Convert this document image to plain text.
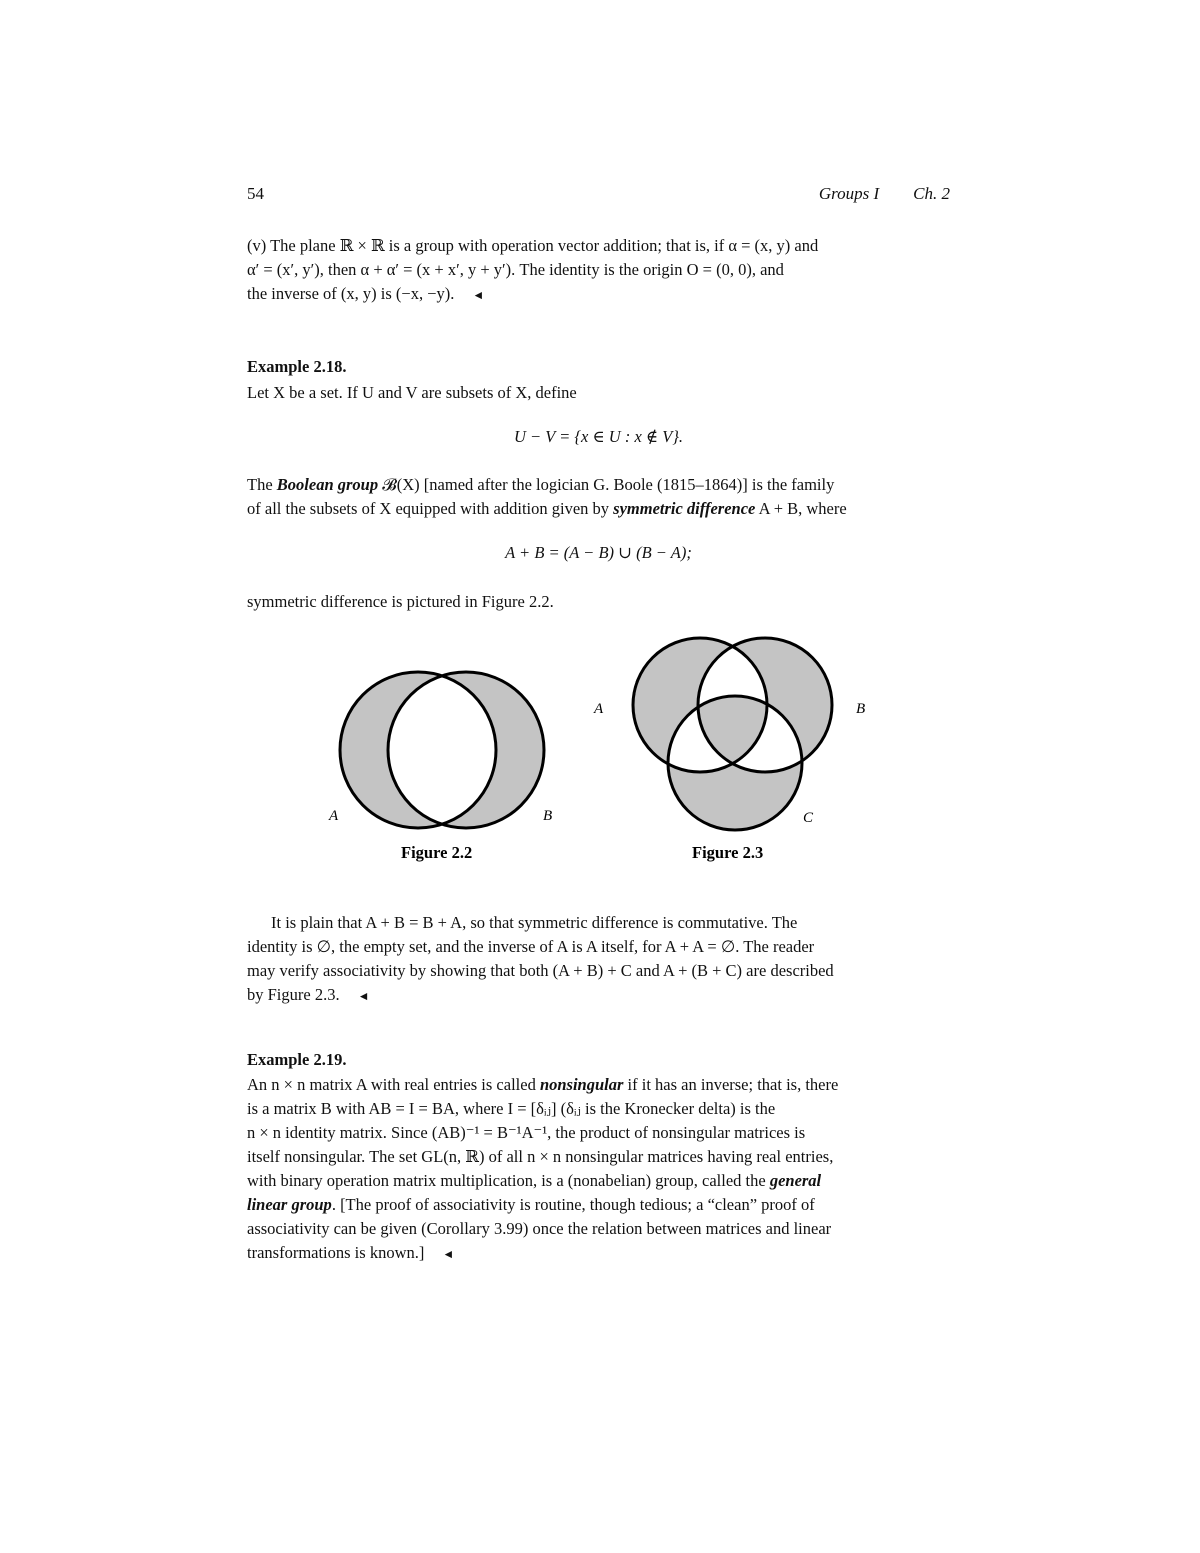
54	Groups I Ch. 2
(v) The plane ℝ × ℝ is a group with operation vector addition; that is, if α = (x, y) and
α′ = (x′, y′), then α + α′ = (x + x′, y + y′). The identity is the origin O = (0, 0), and
the inverse of (x, y) is (−x, −y). ◄
Example 2.18.
Let X be a set. If U and V are subsets of X, define
U − V = {x ∈ U : x ∉ V}.
The Boolean group 𝓑(X) [named after the logician G. Boole (1815–1864)] is the family
of all the subsets of X equipped with addition given by symmetric difference A + B, where
A + B = (A − B) ∪ (B − A);
symmetric difference is pictured in Figure 2.2.
A	B
Figure 2.2
A	B
C
Figure 2.3
It is plain that A + B = B + A, so that symmetric difference is commutative. The
identity is ∅, the empty set, and the inverse of A is A itself, for A + A = ∅. The reader
may verify associativity by showing that both (A + B) + C and A + (B + C) are described
by Figure 2.3. ◄
Example 2.19.
An n × n matrix A with real entries is called nonsingular if it has an inverse; that is, there
is a matrix B with AB = I = BA, where I = [δᵢⱼ] (δᵢⱼ is the Kronecker delta) is the
n × n identity matrix. Since (AB)⁻¹ = B⁻¹A⁻¹, the product of nonsingular matrices is
itself nonsingular. The set GL(n, ℝ) of all n × n nonsingular matrices having real entries,
with binary operation matrix multiplication, is a (nonabelian) group, called the general
linear group. [The proof of associativity is routine, though tedious; a “clean” proof of
associativity can be given (Corollary 3.99) once the relation between matrices and linear
transformations is known.] ◄
